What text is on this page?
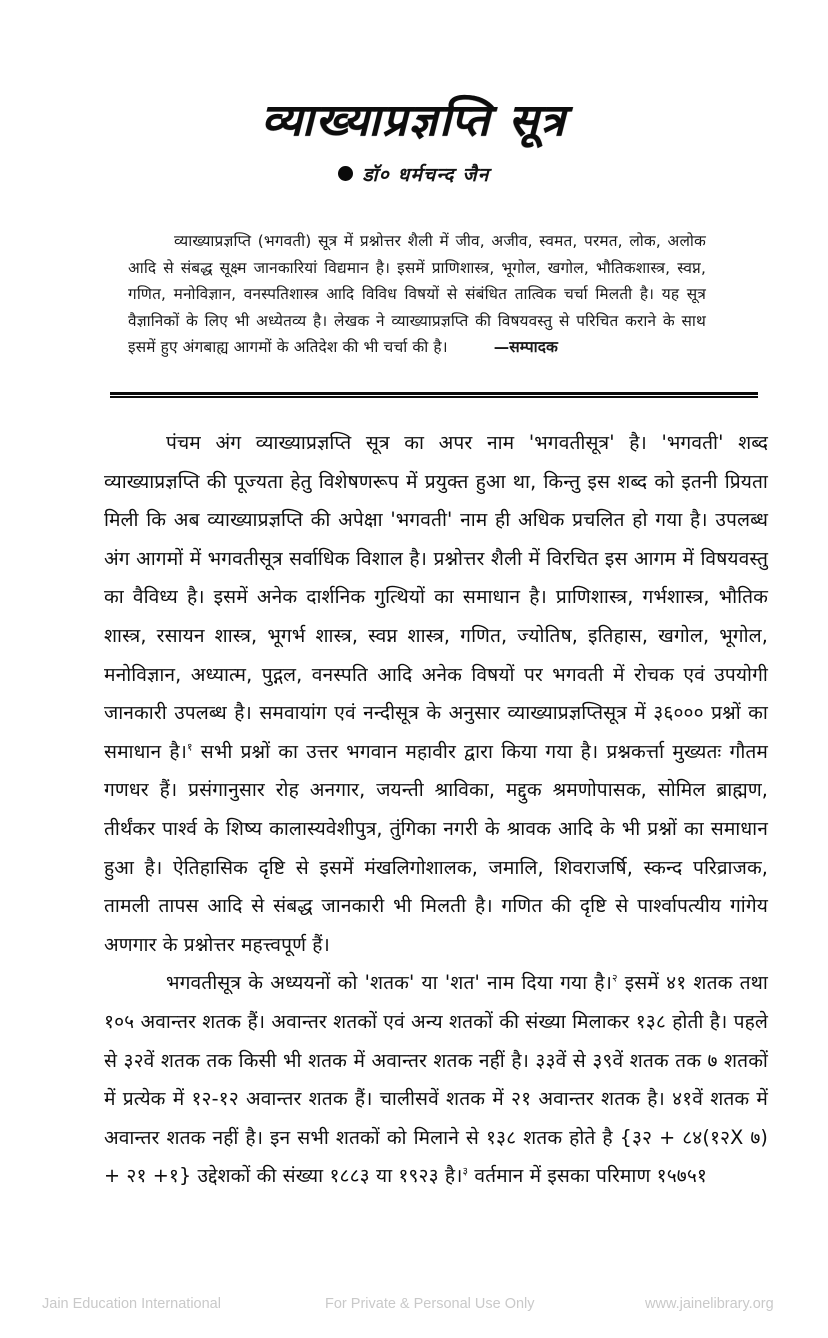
व्याख्याप्रज्ञप्ति सूत्र
डॉ० धर्मचन्द जैन
व्याख्याप्रज्ञप्ति (भगवती) सूत्र में प्रश्नोत्तर शैली में जीव, अजीव, स्वमत, परमत, लोक, अलोक आदि से संबद्ध सूक्ष्म जानकारियां विद्यमान है। इसमें प्राणिशास्त्र, भूगोल, खगोल, भौतिकशास्त्र, स्वप्न, गणित, मनोविज्ञान, वनस्पतिशास्त्र आदि विविध विषयों से संबंधित तात्विक चर्चा मिलती है। यह सूत्र वैज्ञानिकों के लिए भी अध्येतव्य है। लेखक ने व्याख्याप्रज्ञप्ति की विषयवस्तु से परिचित कराने के साथ इसमें हुए अंगबाह्य आगमों के अतिदेश की भी चर्चा की है।	—सम्पादक

पंचम अंग व्याख्याप्रज्ञप्ति सूत्र का अपर नाम 'भगवतीसूत्र' है। 'भगवती' शब्द व्याख्याप्रज्ञप्ति की पूज्यता हेतु विशेषणरूप में प्रयुक्त हुआ था, किन्तु इस शब्द को इतनी प्रियता मिली कि अब व्याख्याप्रज्ञप्ति की अपेक्षा 'भगवती' नाम ही अधिक प्रचलित हो गया है। उपलब्ध अंग आगमों में भगवतीसूत्र सर्वाधिक विशाल है। प्रश्नोत्तर शैली में विरचित इस आगम में विषयवस्तु का वैविध्य है। इसमें अनेक दार्शनिक गुत्थियों का समाधान है। प्राणिशास्त्र, गर्भशास्त्र, भौतिक शास्त्र, रसायन शास्त्र, भूगर्भ शास्त्र, स्वप्न शास्त्र, गणित, ज्योतिष, इतिहास, खगोल, भूगोल, मनोविज्ञान, अध्यात्म, पुद्गल, वनस्पति आदि अनेक विषयों पर भगवती में रोचक एवं उपयोगी जानकारी उपलब्ध है। समवायांग एवं नन्दीसूत्र के अनुसार व्याख्याप्रज्ञप्तिसूत्र में ३६००० प्रश्नों का समाधान है।$^१$ सभी प्रश्नों का उत्तर भगवान महावीर द्वारा किया गया है। प्रश्नकर्त्ता मुख्यतः गौतम गणधर हैं। प्रसंगानुसार रोह अनगार, जयन्ती श्राविका, मद्दुक श्रमणोपासक, सोमिल ब्राह्मण, तीर्थंकर पार्श्व के शिष्य कालास्यवेशीपुत्र, तुंगिका नगरी के श्रावक आदि के भी प्रश्नों का समाधान हुआ है। ऐतिहासिक दृष्टि से इसमें मंखलिगोशालक, जमालि, शिवराजर्षि, स्कन्द परिव्राजक, तामली तापस आदि से संबद्ध जानकारी भी मिलती है। गणित की दृष्टि से पार्श्वापत्यीय गांगेय अणगार के प्रश्नोत्तर महत्त्वपूर्ण हैं।

भगवतीसूत्र के अध्ययनों को 'शतक' या 'शत' नाम दिया गया है।$^२$ इसमें ४१ शतक तथा १०५ अवान्तर शतक हैं। अवान्तर शतकों एवं अन्य शतकों की संख्या मिलाकर १३८ होती है। पहले से ३२वें शतक तक किसी भी शतक में अवान्तर शतक नहीं है। ३३वें से ३९वें शतक तक ७ शतकों में प्रत्येक में १२-१२ अवान्तर शतक हैं। चालीसवें शतक में २१ अवान्तर शतक है। ४१वें शतक में अवान्तर शतक नहीं है। इन सभी शतकों को मिलाने से १३८ शतक होते है {३२ + ८४(१२X ७) + २१ +१} उद्देशकों की संख्या १८८३ या १९२३ है।$^३$ वर्तमान में इसका परिमाण १५७५१

Jain Education International	For Private & Personal Use Only	www.jainelibrary.org
